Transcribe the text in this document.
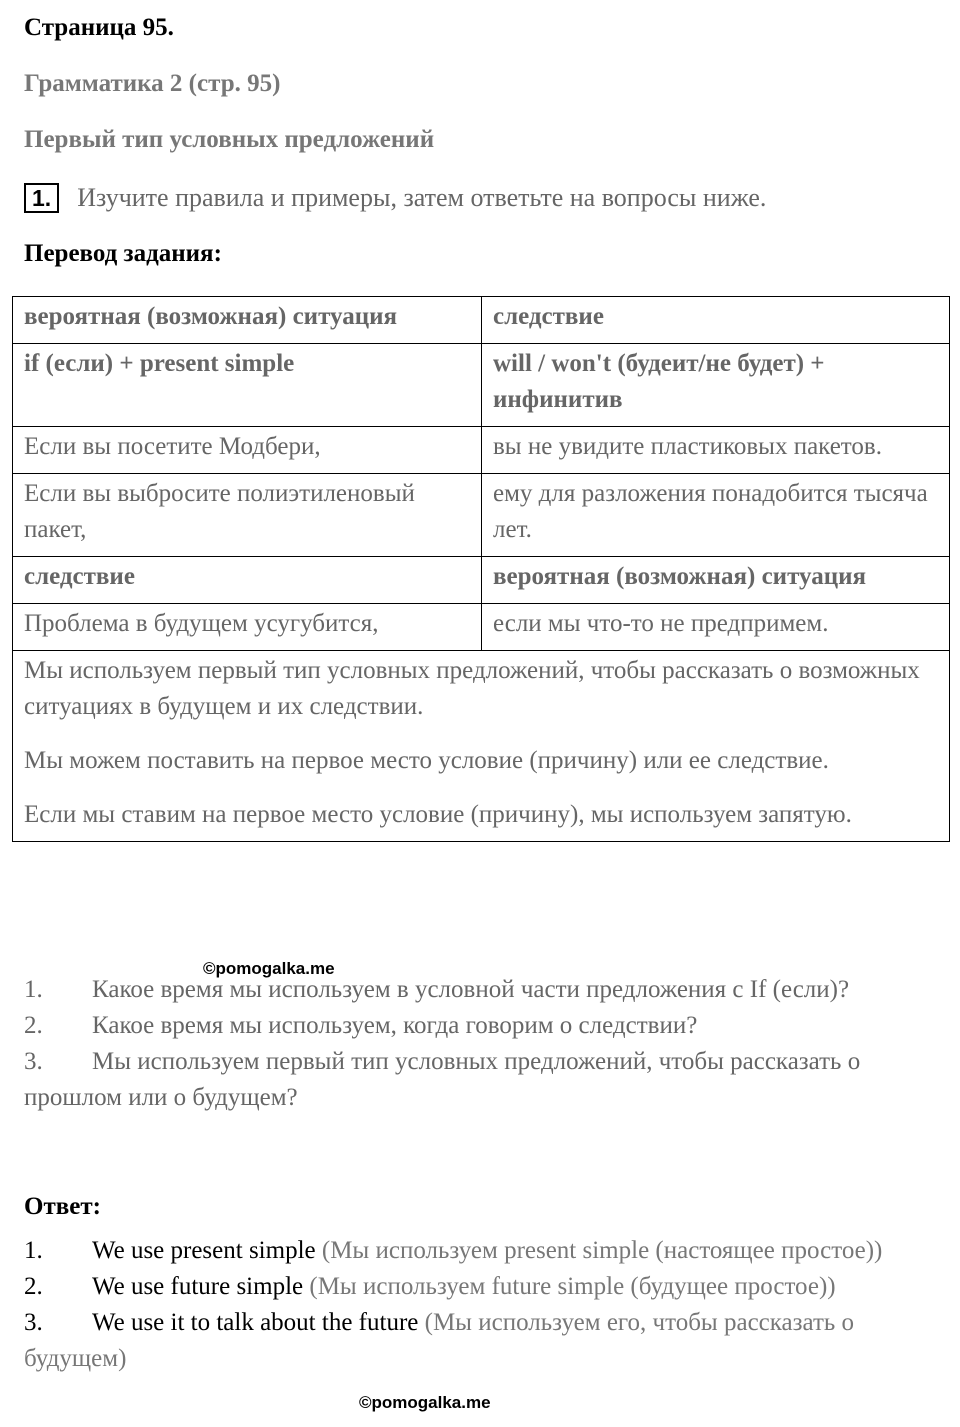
Страница 95.
Грамматика 2 (стр. 95)
Первый тип условных предложений
1.	Изучите правила и примеры, затем ответьте на вопросы ниже.
Перевод задания:
вероятная (возможная) ситуация	следствие
if (если) + present simple	will / won't (будеит/не будет) + инфинитив
Если вы посетите Модбери,	вы не увидите пластиковых пакетов.
Если вы выбросите полиэтиленовый пакет,	ему для разложения понадобится тысяча лет.
следствие	вероятная (возможная) ситуация
Проблема в будущем усугубится,	если мы что-то не предпримем.

Мы используем первый тип условных предложений, чтобы рассказать о возможных ситуациях в будущем и их следствии.

Мы можем поставить на первое место условие (причину) или ее следствие.

Если мы ставим на первое место условие (причину), мы используем запятую.	

©pomogalka.me
1. Какое время мы используем в условной части предложения с If (если)?
2. Какое время мы используем, когда говорим о следствии?
3. Мы используем первый тип условных предложений, чтобы рассказать о прошлом или о будущем?
Ответ:
1. We use present simple (Мы используем present simple (настоящее простое))
2. We use future simple (Мы используем future simple (будущее простое))
3. We use it to talk about the future (Мы используем его, чтобы рассказать о будущем)
©pomogalka.me
